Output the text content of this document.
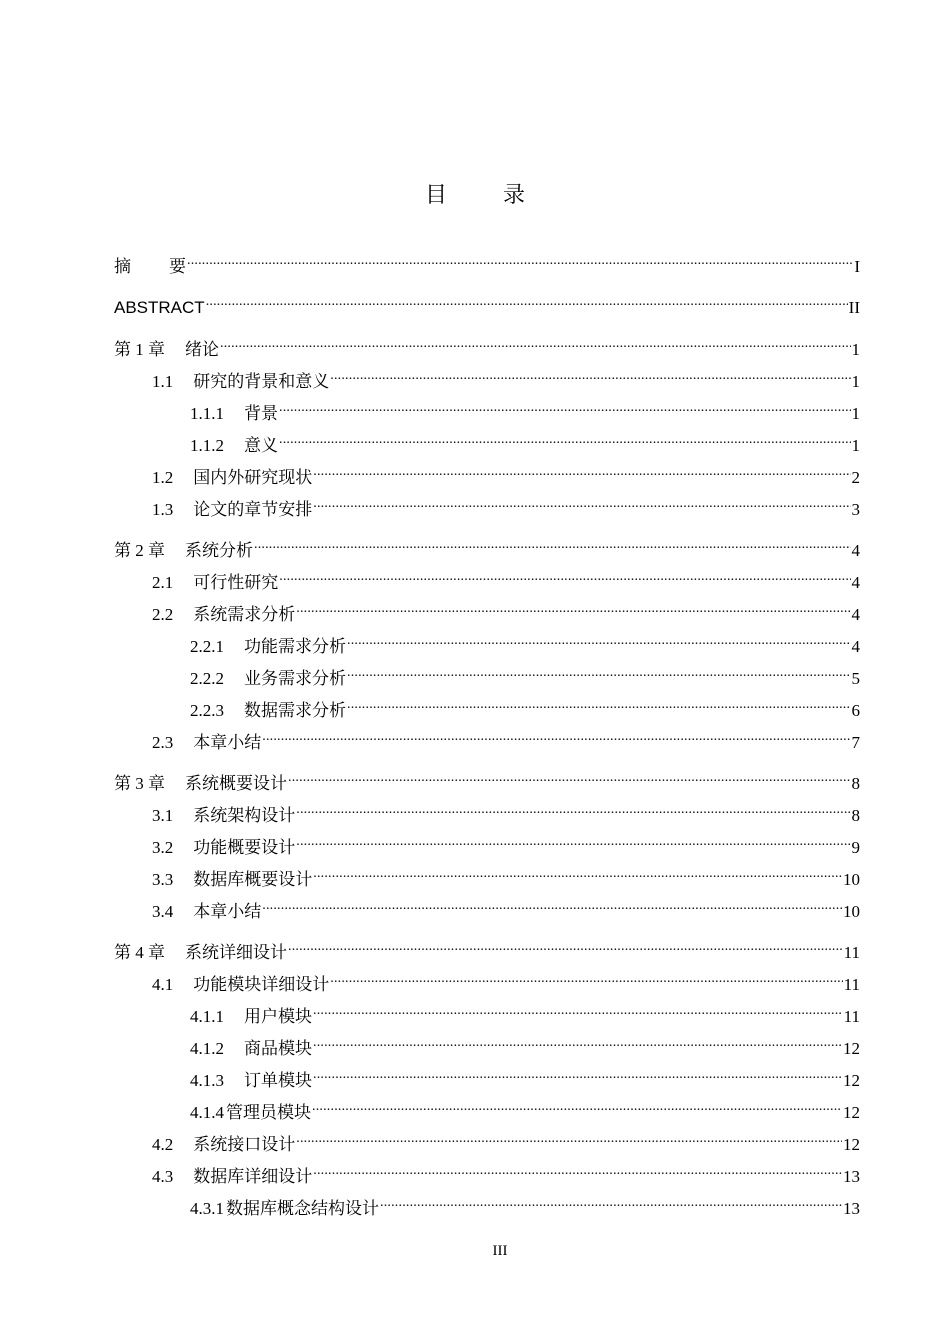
目	录
摘 要 .....	I
ABSTRACT .....	II
第 1 章 绪论 .....	1
1.1 研究的背景和意义 .....	1
1.1.1 背景 .....	1
1.1.2 意义 .....	1
1.2 国内外研究现状 .....	2
1.3 论文的章节安排 .....	3
第 2 章 系统分析 .....	4
2.1 可行性研究 .....	4
2.2 系统需求分析 .....	4
2.2.1 功能需求分析 .....	4
2.2.2 业务需求分析 .....	5
2.2.3 数据需求分析 .....	6
2.3 本章小结 .....	7
第 3 章 系统概要设计 .....	8
3.1 系统架构设计 .....	8
3.2 功能概要设计 .....	9
3.3 数据库概要设计 .....	10
3.4 本章小结 .....	10
第 4 章 系统详细设计 .....	11
4.1 功能模块详细设计 .....	11
4.1.1 用户模块 .....	11
4.1.2 商品模块 .....	12
4.1.3 订单模块 .....	12
4.1.4 管理员模块 .....	12
4.2 系统接口设计 .....	12
4.3 数据库详细设计 .....	13
4.3.1 数据库概念结构设计 .....	13
III
